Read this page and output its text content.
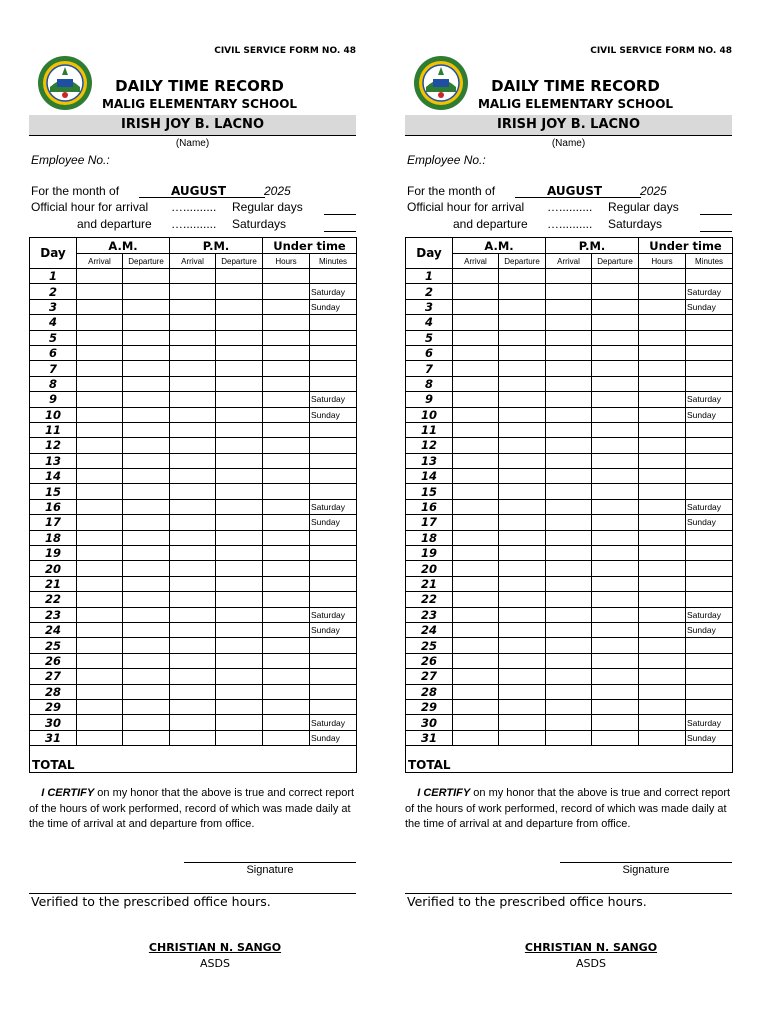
CIVIL SERVICE FORM NO. 48
DAILY TIME RECORD
MALIG ELEMENTARY SCHOOL
IRISH JOY B. LACNO
(Name)
Employee No.:
For the month of	AUGUST	2025
Official hour for arrival ….......... Regular days
and departure ….......... Saturdays
Day	A.M.		P.M.		Under time	
	Arrival	Departure	Arrival	Departure	Hours	Minutes
1						
2						Saturday
3						Sunday
4						
5						
6						
7						
8						
9						Saturday
10						Sunday
11						
12						
13						
14						
15						
16						Saturday
17						Sunday
18						
19						
20						
21						
22						
23						Saturday
24						Sunday
25						
26						
27						
28						
29						
30						Saturday
31						Sunday
TOTAL						
I CERTIFY on my honor that the above is true and correct report of the hours of work performed, record of which was made daily at the time of arrival at and departure from office.
Signature
Verified to the prescribed office hours.
CHRISTIAN N. SANGO
ASDS
CIVIL SERVICE FORM NO. 48
DAILY TIME RECORD
MALIG ELEMENTARY SCHOOL
IRISH JOY B. LACNO
(Name)
Employee No.:
For the month of	AUGUST	2025
Official hour for arrival ….......... Regular days
and departure ….......... Saturdays
Day	A.M.		P.M.		Under time	
	Arrival	Departure	Arrival	Departure	Hours	Minutes
1						
2						Saturday
3						Sunday
4						
5						
6						
7						
8						
9						Saturday
10						Sunday
11						
12						
13						
14						
15						
16						Saturday
17						Sunday
18						
19						
20						
21						
22						
23						Saturday
24						Sunday
25						
26						
27						
28						
29						
30						Saturday
31						Sunday
TOTAL						
I CERTIFY on my honor that the above is true and correct report of the hours of work performed, record of which was made daily at the time of arrival at and departure from office.
Signature
Verified to the prescribed office hours.
CHRISTIAN N. SANGO
ASDS
